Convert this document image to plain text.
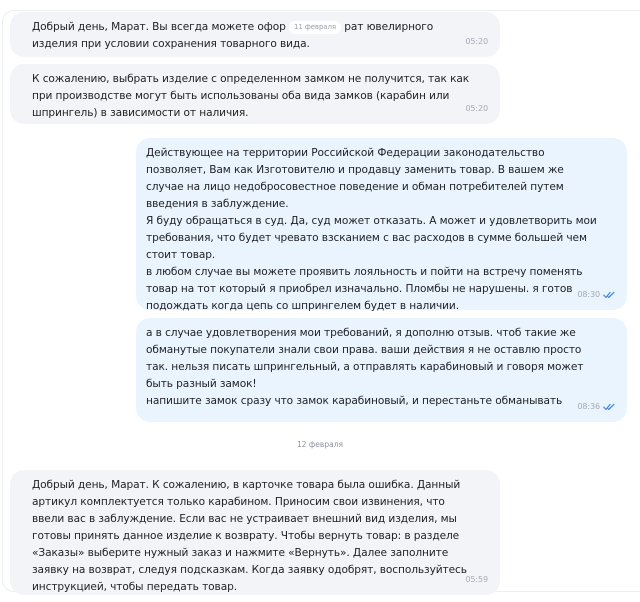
Добрый день, Марат. Вы всегда можете офор 11 февраля рат ювелирного
изделия при условии сохранения товарного вида.	05:20
К сожалению, выбрать изделие с определенном замком не получится, так как
при производстве могут быть использованы оба вида замков (карабин или
шпрингель) в зависимости от наличия.	05:20
Действующее на территории Российской Федерации законодательство
позволяет, Вам как Изготовителю и продавцу заменить товар. В вашем же
случае на лицо недобросовестное поведение и обман потребителей путем
введения в заблуждение.
Я буду обращаться в суд. Да, суд может отказать. А может и удовлетворить мои
требования, что будет чревато взсканием с вас расходов в сумме большей чем
стоит товар.
в любом случае вы можете проявить лояльность и пойти на встречу поменять
товар на тот который я приобрел изначально. Пломбы не нарушены. я готов
подождать когда цепь со шпрингелем будет в наличии.
08:30
а в случае удовлетворения мои требований, я дополню отзыв. чтоб такие же
обманутые покупатели знали свои права. ваши действия я не оставлю просто
так. нельзя писать шпрингельный, а отправлять карабиновый и говоря может
быть разный замок!
напишите замок сразу что замок карабиновый, и перестаньте обманывать	08:36
12 февраля
Добрый день, Марат. К сожалению, в карточке товара была ошибка. Данный
артикул комплектуется только карабином. Приносим свои извинения, что
ввели вас в заблуждение. Если вас не устраивает внешний вид изделия, мы
готовы принять данное изделие к возврату. Чтобы вернуть товар: в разделе
«Заказы» выберите нужный заказ и нажмите «Вернуть». Далее заполните
заявку на возврат, следуя подсказкам. Когда заявку одобрят, воспользуйтесь
инструкцией, чтобы передать товар.
05:59
